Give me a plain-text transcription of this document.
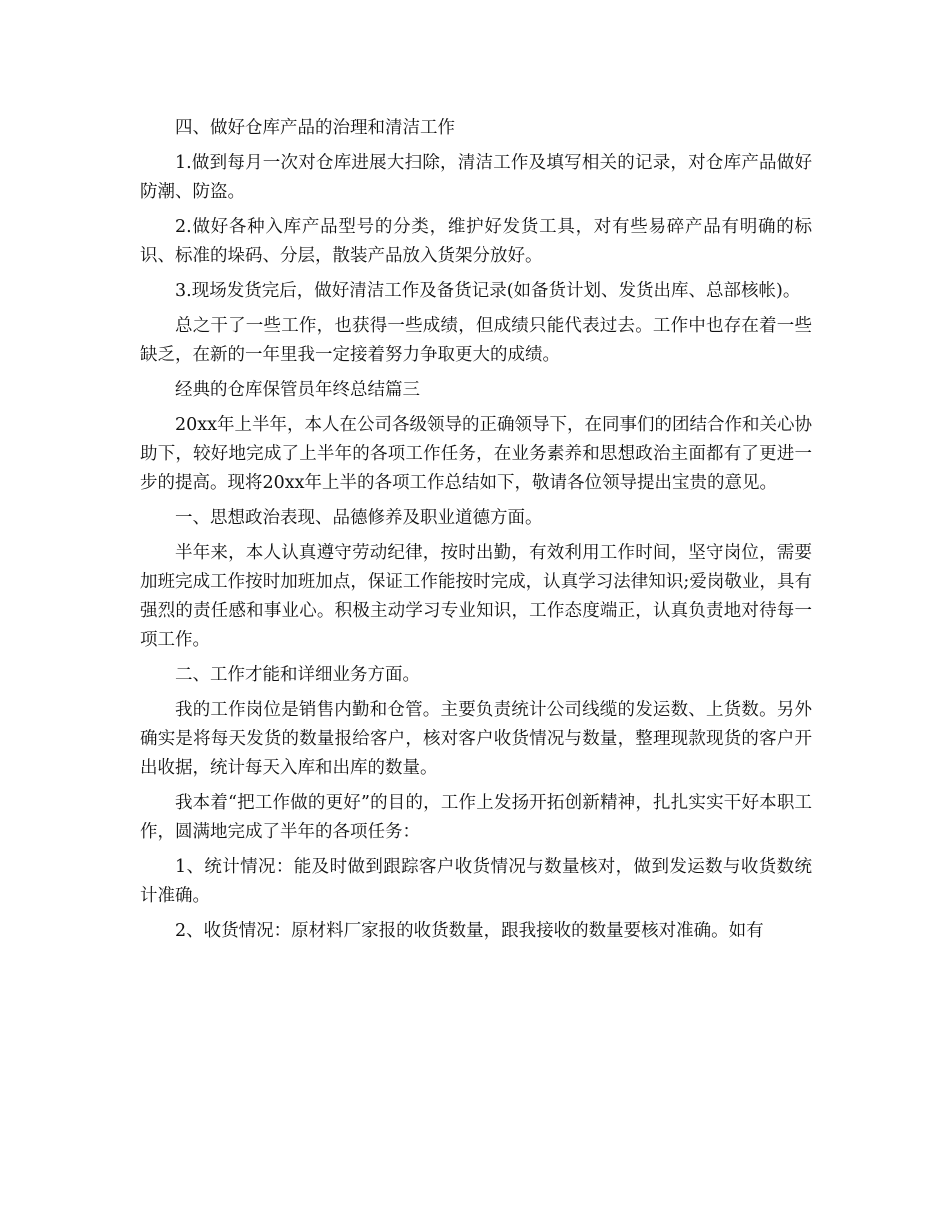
四、做好仓库产品的治理和清洁工作

1.做到每月一次对仓库进展大扫除，清洁工作及填写相关的记录，对仓库产品做好防潮、防盗。

2.做好各种入库产品型号的分类，维护好发货工具，对有些易碎产品有明确的标识、标准的垛码、分层，散装产品放入货架分放好。

3.现场发货完后，做好清洁工作及备货记录(如备货计划、发货出库、总部核帐)。

总之干了一些工作，也获得一些成绩，但成绩只能代表过去。工作中也存在着一些缺乏，在新的一年里我一定接着努力争取更大的成绩。

经典的仓库保管员年终总结篇三

20xx年上半年，本人在公司各级领导的正确领导下，在同事们的团结合作和关心协助下，较好地完成了上半年的各项工作任务，在业务素养和思想政治主面都有了更进一步的提高。现将20xx年上半的各项工作总结如下，敬请各位领导提出宝贵的意见。

一、思想政治表现、品德修养及职业道德方面。

半年来，本人认真遵守劳动纪律，按时出勤，有效利用工作时间，坚守岗位，需要加班完成工作按时加班加点，保证工作能按时完成，认真学习法律知识;爱岗敬业，具有强烈的责任感和事业心。积极主动学习专业知识，工作态度端正，认真负责地对待每一项工作。

二、工作才能和详细业务方面。

我的工作岗位是销售内勤和仓管。主要负责统计公司线缆的发运数、上货数。另外确实是将每天发货的数量报给客户，核对客户收货情况与数量，整理现款现货的客户开出收据，统计每天入库和出库的数量。

我本着“把工作做的更好”的目的，工作上发扬开拓创新精神，扎扎实实干好本职工作，圆满地完成了半年的各项任务：

1、统计情况：能及时做到跟踪客户收货情况与数量核对，做到发运数与收货数统计准确。

2、收货情况：原材料厂家报的收货数量，跟我接收的数量要核对准确。如有
